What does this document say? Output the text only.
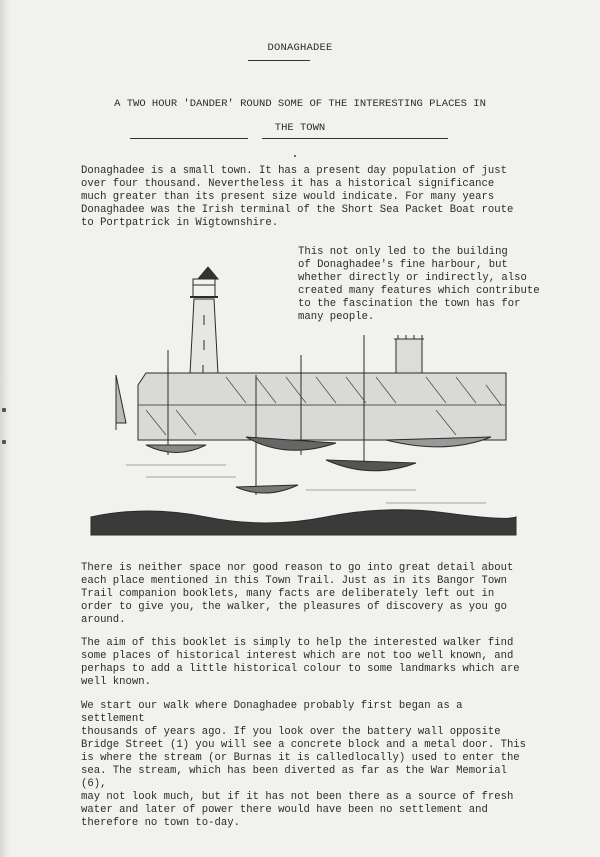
DONAGHADEE
A TWO HOUR 'DANDER' ROUND SOME OF THE INTERESTING PLACES IN
THE TOWN

Donaghadee is a small town. It has a present day population of just
over four thousand. Nevertheless it has a historical significance
much greater than its present size would indicate. For many years
Donaghadee was the Irish terminal of the Short Sea Packet Boat route
to Portpatrick in Wigtownshire.

This not only led to the building
of Donaghadee's fine harbour, but
whether directly or indirectly, also
created many features which contribute
to the fascination the town has for
many people.

There is neither space nor good reason to go into great detail about
each place mentioned in this Town Trail. Just as in its Bangor Town
Trail companion booklets, many facts are deliberately left out in
order to give you, the walker, the pleasures of discovery as you go
around.

The aim of this booklet is simply to help the interested walker find
some places of historical interest which are not too well known, and
perhaps to add a little historical colour to some landmarks which are
well known.

We start our walk where Donaghadee probably first began as a settlement
thousands of years ago. If you look over the battery wall opposite
Bridge Street (1) you will see a concrete block and a metal door. This
is where the stream (or Burnas it is calledlocally) used to enter the
sea. The stream, which has been diverted as far as the War Memorial (6),
may not look much, but if it has not been there as a source of fresh
water and later of power there would have been no settlement and
therefore no town to-day.
